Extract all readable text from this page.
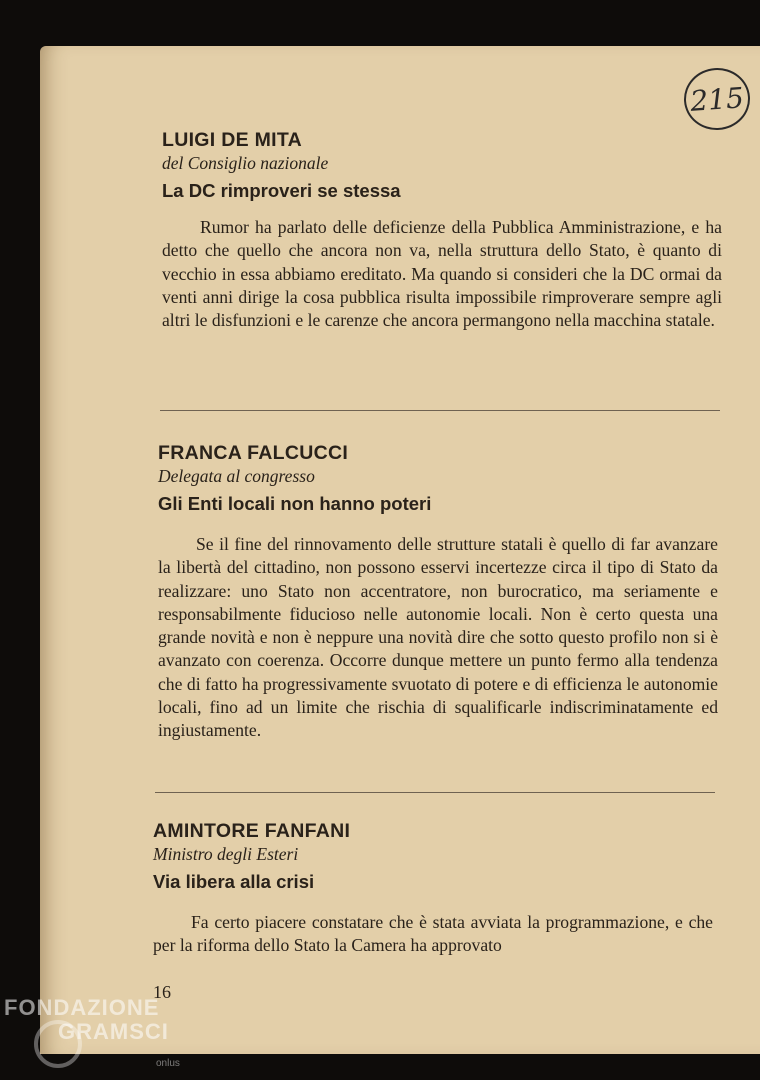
215
LUIGI DE MITA
del Consiglio nazionale
La DC rimproveri se stessa
Rumor ha parlato delle deficienze della Pubblica Amministrazione, e ha detto che quello che ancora non va, nella struttura dello Stato, è quanto di vecchio in essa abbiamo ereditato. Ma quando si consideri che la DC ormai da venti anni dirige la cosa pubblica risulta impossibile rimproverare sempre agli altri le disfunzioni e le carenze che ancora permangono nella macchina statale.
FRANCA FALCUCCI
Delegata al congresso
Gli Enti locali non hanno poteri
Se il fine del rinnovamento delle strutture statali è quello di far avanzare la libertà del cittadino, non possono esservi incertezze circa il tipo di Stato da realizzare: uno Stato non accentratore, non burocratico, ma seriamente e responsabilmente fiducioso nelle autonomie locali. Non è certo questa una grande novità e non è neppure una novità dire che sotto questo profilo non si è avanzato con coerenza. Occorre dunque mettere un punto fermo alla tendenza che di fatto ha progressivamente svuotato di potere e di efficienza le autonomie locali, fino ad un limite che rischia di squalificarle indiscriminatamente ed ingiustamente.
AMINTORE FANFANI
Ministro degli Esteri
Via libera alla crisi
Fa certo piacere constatare che è stata avviata la programmazione, e che per la riforma dello Stato la Camera ha approvato
16
FONDAZIONE
GRAMSCI
onlus
